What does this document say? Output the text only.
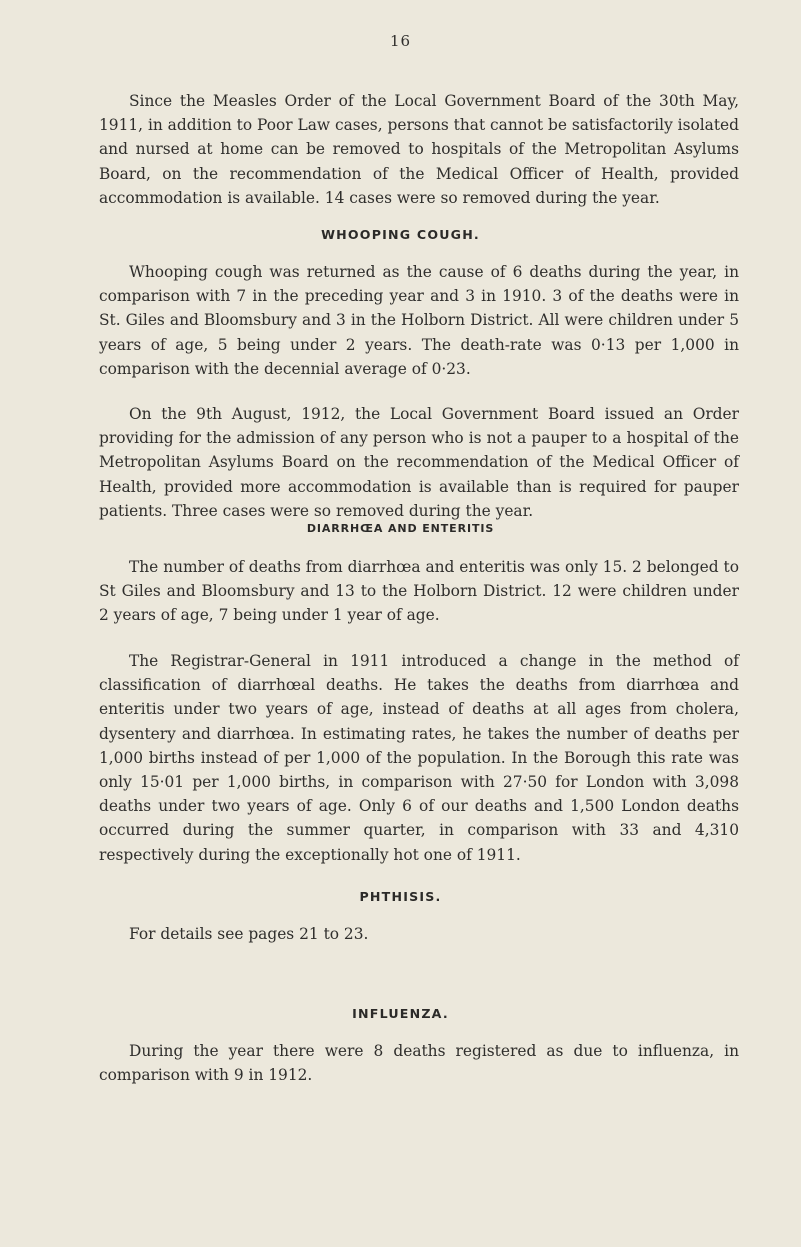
16

Since the Measles Order of the Local Government Board of the 30th May, 1911, in addition to Poor Law cases, persons that cannot be satisfactorily isolated and nursed at home can be removed to hospitals of the Metropolitan Asylums Board, on the recommendation of the Medical Officer of Health, provided accommodation is available. 14 cases were so removed during the year.

WHOOPING COUGH.

Whooping cough was returned as the cause of 6 deaths during the year, in comparison with 7 in the preceding year and 3 in 1910. 3 of the deaths were in St. Giles and Bloomsbury and 3 in the Holborn District. All were children under 5 years of age, 5 being under 2 years. The death-rate was 0·13 per 1,000 in comparison with the decennial average of 0·23.

On the 9th August, 1912, the Local Government Board issued an Order providing for the admission of any person who is not a pauper to a hospital of the Metropolitan Asylums Board on the recommendation of the Medical Officer of Health, provided more accommodation is available than is required for pauper patients. Three cases were so removed during the year.

DIARRHŒA AND ENTERITIS

The number of deaths from diarrhœa and enteritis was only 15. 2 belonged to St Giles and Bloomsbury and 13 to the Holborn District. 12 were children under 2 years of age, 7 being under 1 year of age.

The Registrar-General in 1911 introduced a change in the method of classification of diarrhœal deaths. He takes the deaths from diarrhœa and enteritis under two years of age, instead of deaths at all ages from cholera, dysentery and diarrhœa. In estimating rates, he takes the number of deaths per 1,000 births instead of per 1,000 of the population. In the Borough this rate was only 15·01 per 1,000 births, in comparison with 27·50 for London with 3,098 deaths under two years of age. Only 6 of our deaths and 1,500 London deaths occurred during the summer quarter, in comparison with 33 and 4,310 respectively during the exceptionally hot one of 1911.

PHTHISIS.

For details see pages 21 to 23.

INFLUENZA.

During the year there were 8 deaths registered as due to influenza, in comparison with 9 in 1912.
